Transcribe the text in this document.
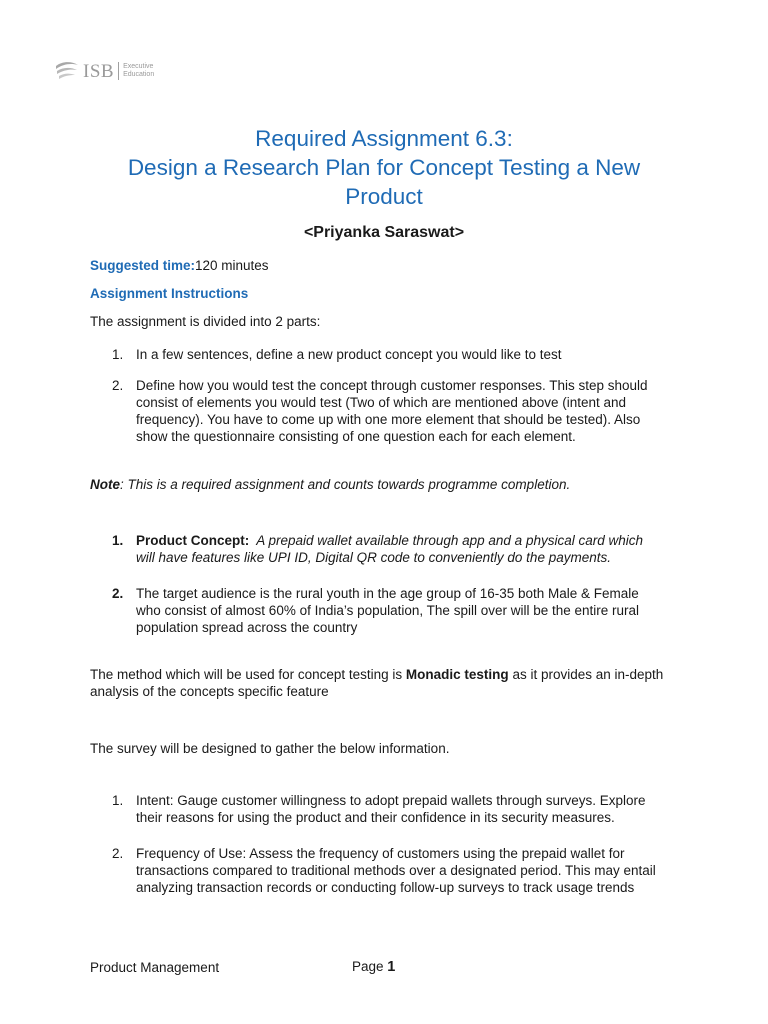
ISB Executive
Education
Required Assignment 6.3:
Design a Research Plan for Concept Testing a New
Product
<Priyanka Saraswat>
Suggested time:120 minutes
Assignment Instructions
The assignment is divided into 2 parts:
1. In a few sentences, define a new product concept you would like to test
2. Define how you would test the concept through customer responses. This step should
consist of elements you would test (Two of which are mentioned above (intent and
frequency). You have to come up with one more element that should be tested). Also
show the questionnaire consisting of one question each for each element.
Note: This is a required assignment and counts towards programme completion.
1. Product Concept:  A prepaid wallet available through app and a physical card which
will have features like UPI ID, Digital QR code to conveniently do the payments.
2. The target audience is the rural youth in the age group of 16-35 both Male & Female
who consist of almost 60% of India’s population, The spill over will be the entire rural
population spread across the country
The method which will be used for concept testing is Monadic testing as it provides an in-depth
analysis of the concepts specific feature
The survey will be designed to gather the below information.
1. Intent: Gauge customer willingness to adopt prepaid wallets through surveys. Explore
their reasons for using the product and their confidence in its security measures.
2. Frequency of Use: Assess the frequency of customers using the prepaid wallet for
transactions compared to traditional methods over a designated period. This may entail
analyzing transaction records or conducting follow-up surveys to track usage trends
Product Management	Page 1
